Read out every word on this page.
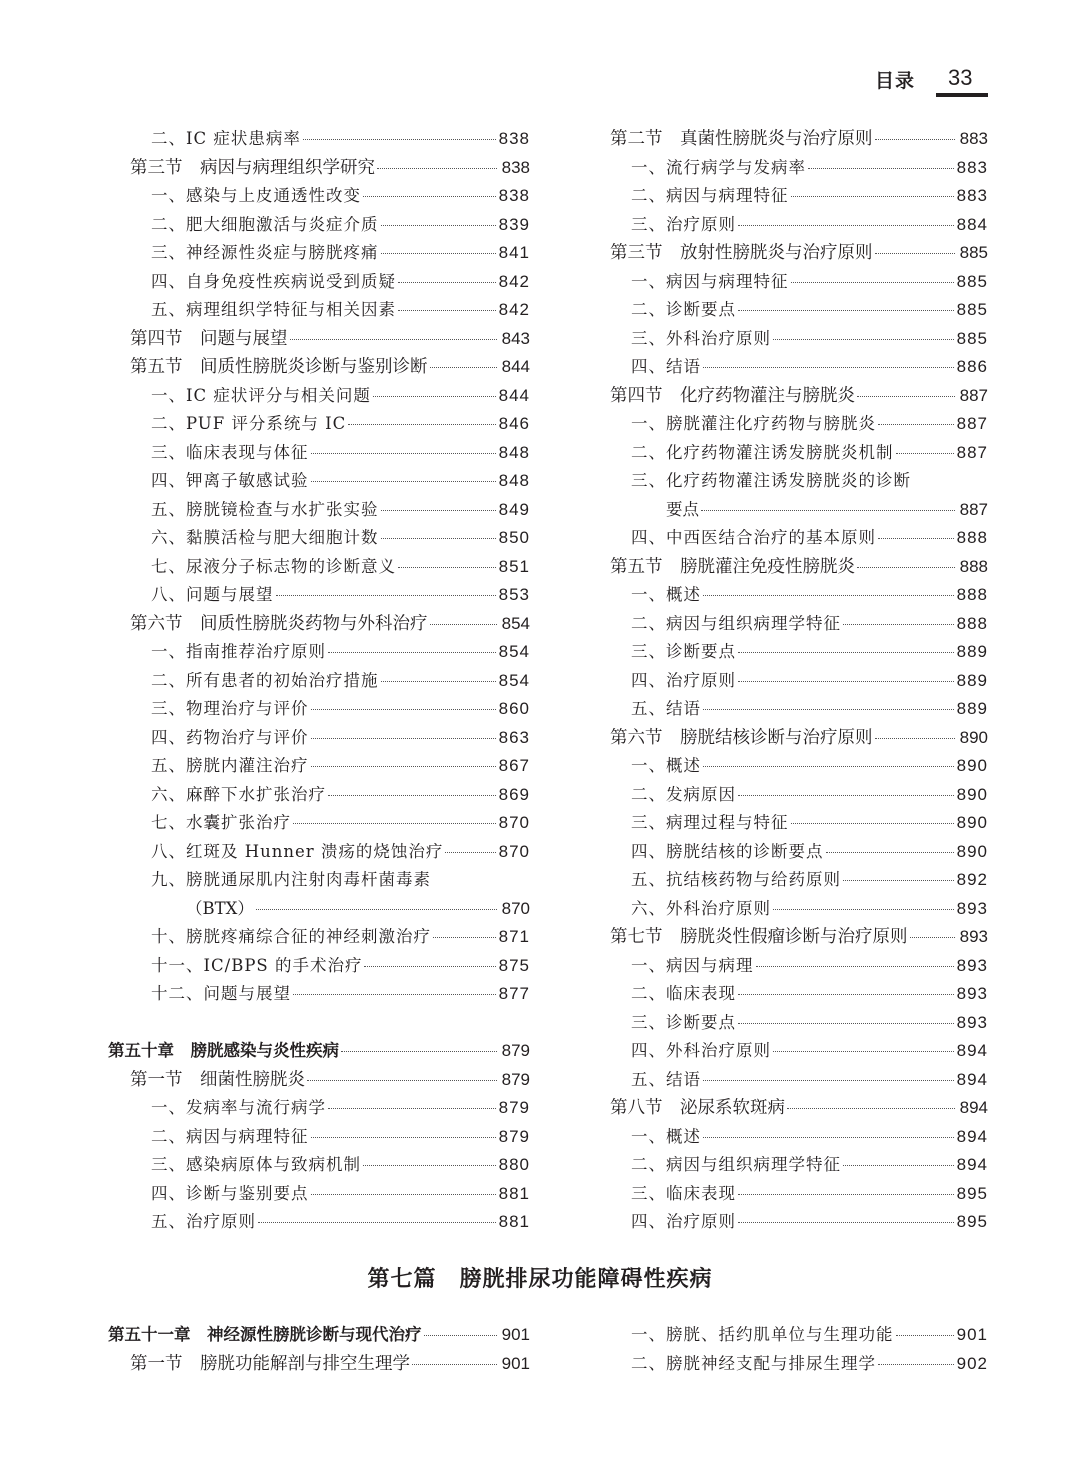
目录 33
二、IC 症状患病率	838
第三节　病因与病理组织学研究	838
一、感染与上皮通透性改变	838
二、肥大细胞激活与炎症介质	839
三、神经源性炎症与膀胱疼痛	841
四、自身免疫性疾病说受到质疑	842
五、病理组织学特征与相关因素	842
第四节　问题与展望	843
第五节　间质性膀胱炎诊断与鉴别诊断	844
一、IC 症状评分与相关问题	844
二、PUF 评分系统与 IC	846
三、临床表现与体征	848
四、钾离子敏感试验	848
五、膀胱镜检查与水扩张实验	849
六、黏膜活检与肥大细胞计数	850
七、尿液分子标志物的诊断意义	851
八、问题与展望	853
第六节　间质性膀胱炎药物与外科治疗	854
一、指南推荐治疗原则	854
二、所有患者的初始治疗措施	854
三、物理治疗与评价	860
四、药物治疗与评价	863
五、膀胱内灌注治疗	867
六、麻醉下水扩张治疗	869
七、水囊扩张治疗	870
八、红斑及 Hunner 溃疡的烧蚀治疗	870
九、膀胱通尿肌内注射肉毒杆菌毒素
（BTX）	870
十、膀胱疼痛综合征的神经刺激治疗	871
十一、IC/BPS 的手术治疗	875
十二、问题与展望	877
第五十章　膀胱感染与炎性疾病	879
第一节　细菌性膀胱炎	879
一、发病率与流行病学	879
二、病因与病理特征	879
三、感染病原体与致病机制	880
四、诊断与鉴别要点	881
五、治疗原则	881
第二节　真菌性膀胱炎与治疗原则	883
一、流行病学与发病率	883
二、病因与病理特征	883
三、治疗原则	884
第三节　放射性膀胱炎与治疗原则	885
一、病因与病理特征	885
二、诊断要点	885
三、外科治疗原则	885
四、结语	886
第四节　化疗药物灌注与膀胱炎	887
一、膀胱灌注化疗药物与膀胱炎	887
二、化疗药物灌注诱发膀胱炎机制	887
三、化疗药物灌注诱发膀胱炎的诊断
要点	887
四、中西医结合治疗的基本原则	888
第五节　膀胱灌注免疫性膀胱炎	888
一、概述	888
二、病因与组织病理学特征	888
三、诊断要点	889
四、治疗原则	889
五、结语	889
第六节　膀胱结核诊断与治疗原则	890
一、概述	890
二、发病原因	890
三、病理过程与特征	890
四、膀胱结核的诊断要点	890
五、抗结核药物与给药原则	892
六、外科治疗原则	893
第七节　膀胱炎性假瘤诊断与治疗原则	893
一、病因与病理	893
二、临床表现	893
三、诊断要点	893
四、外科治疗原则	894
五、结语	894
第八节　泌尿系软斑病	894
一、概述	894
二、病因与组织病理学特征	894
三、临床表现	895
四、治疗原则	895
第七篇　膀胱排尿功能障碍性疾病
第五十一章　神经源性膀胱诊断与现代治疗	901
第一节　膀胱功能解剖与排空生理学	901
一、膀胱、括约肌单位与生理功能	901
二、膀胱神经支配与排尿生理学	902
